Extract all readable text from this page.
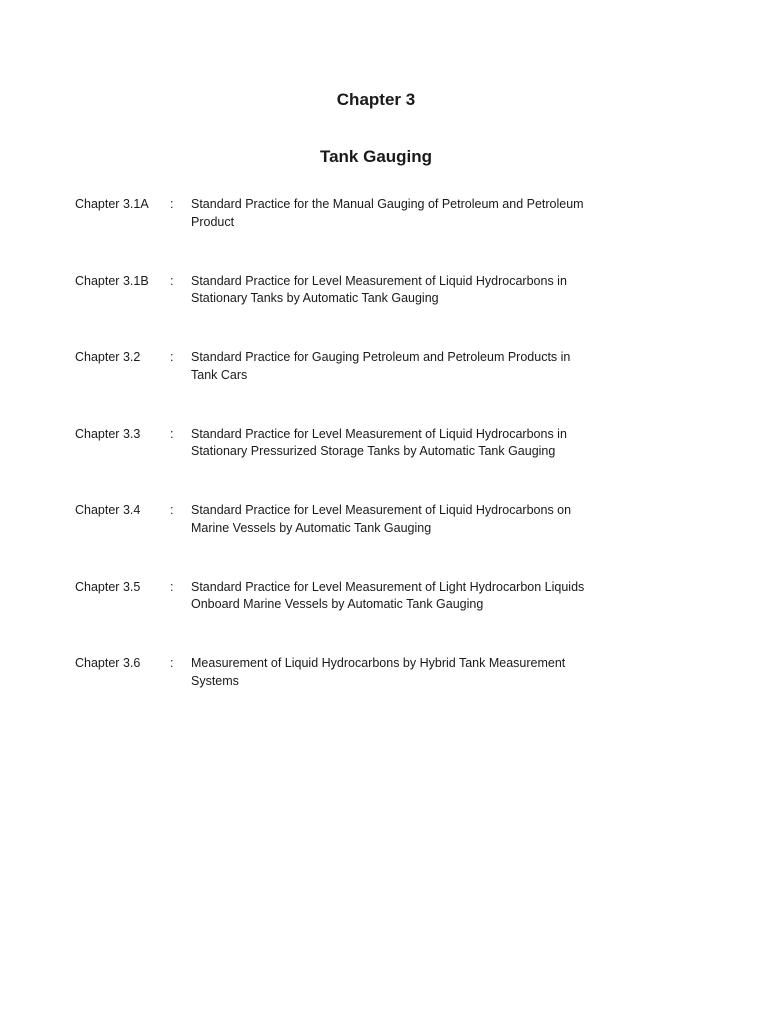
Chapter 3
Tank Gauging
Chapter 3.1A : Standard Practice for the Manual Gauging of Petroleum and Petroleum Product
Chapter 3.1B : Standard Practice for Level Measurement of Liquid Hydrocarbons in Stationary Tanks by Automatic Tank Gauging
Chapter 3.2 : Standard Practice for Gauging Petroleum and Petroleum Products in Tank Cars
Chapter 3.3 : Standard Practice for Level Measurement of Liquid Hydrocarbons in Stationary Pressurized Storage Tanks by Automatic Tank Gauging
Chapter 3.4 : Standard Practice for Level Measurement of Liquid Hydrocarbons on Marine Vessels by Automatic Tank Gauging
Chapter 3.5 : Standard Practice for Level Measurement of Light Hydrocarbon Liquids Onboard Marine Vessels by Automatic Tank Gauging
Chapter 3.6 : Measurement of Liquid Hydrocarbons by Hybrid Tank Measurement Systems
